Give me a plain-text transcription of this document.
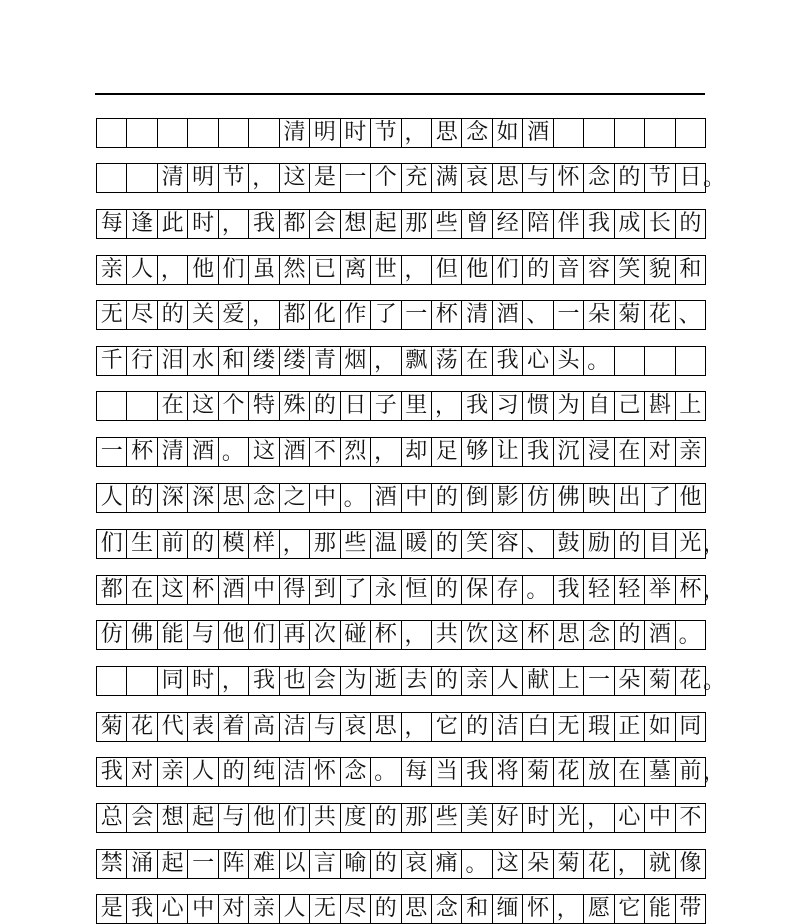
清 明 时 节 ， 思 念 如 酒
清 明 节 ， 这 是 一 个 充 满 哀 思 与 怀 念 的 节 日 。
每 逢 此 时 ， 我 都 会 想 起 那 些 曾 经 陪 伴 我 成 长 的
亲 人 ， 他 们 虽 然 已 离 世 ， 但 他 们 的 音 容 笑 貌 和
无 尽 的 关 爱 ， 都 化 作 了 一 杯 清 酒 、 一 朵 菊 花 、
千 行 泪 水 和 缕 缕 青 烟 ， 飘 荡 在 我 心 头 。
在 这 个 特 殊 的 日 子 里 ， 我 习 惯 为 自 己 斟 上
一 杯 清 酒 。 这 酒 不 烈 ， 却 足 够 让 我 沉 浸 在 对 亲
人 的 深 深 思 念 之 中 。 酒 中 的 倒 影 仿 佛 映 出 了 他
们 生 前 的 模 样 ， 那 些 温 暖 的 笑 容 、 鼓 励 的 目 光 ，
都 在 这 杯 酒 中 得 到 了 永 恒 的 保 存 。 我 轻 轻 举 杯 ，
仿 佛 能 与 他 们 再 次 碰 杯 ， 共 饮 这 杯 思 念 的 酒 。
同 时 ， 我 也 会 为 逝 去 的 亲 人 献 上 一 朵 菊 花 。
菊 花 代 表 着 高 洁 与 哀 思 ， 它 的 洁 白 无 瑕 正 如 同
我 对 亲 人 的 纯 洁 怀 念 。 每 当 我 将 菊 花 放 在 墓 前 ，
总 会 想 起 与 他 们 共 度 的 那 些 美 好 时 光 ， 心 中 不
禁 涌 起 一 阵 难 以 言 喻 的 哀 痛 。 这 朵 菊 花 ， 就 像
是 我 心 中 对 亲 人 无 尽 的 思 念 和 缅 怀 ， 愿 它 能 带
